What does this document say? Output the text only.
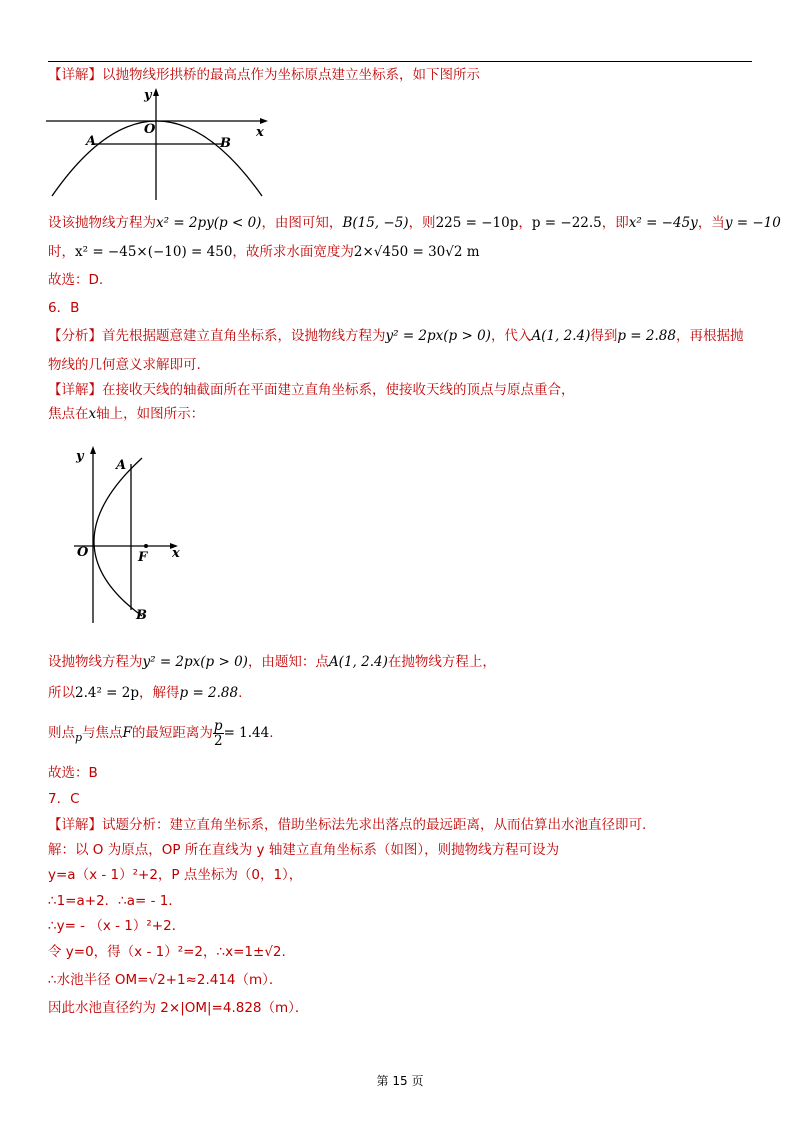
【详解】以抛物线形拱桥的最高点作为坐标原点建立坐标系，如下图所示
y
x
O
A	B
设该抛物线方程为x² = 2py(p < 0)，由图可知，B(15, −5)，则225 = −10p，p = −22.5，即x² = −45y，当y = −10
时，x² = −45×(−10) = 450，故所求水面宽度为2×√450 = 30√2 m
故选：D.
6．B
【分析】首先根据题意建立直角坐标系，设抛物线方程为y² = 2px(p > 0)，代入A(1, 2.4)得到p = 2.88，再根据抛
物线的几何意义求解即可.
【详解】在接收天线的轴截面所在平面建立直角坐标系，使接收天线的顶点与原点重合，
焦点在x轴上，如图所示：
y
A
O	F x
B
设抛物线方程为y² = 2px(p > 0)，由题知：点A(1, 2.4)在抛物线方程上，
所以2.4² = 2p，解得p = 2.88.
则点$_p$与焦点F的最短距离为 $\frac{p}{2} = 1.44$.
故选：B
7．C
【详解】试题分析：建立直角坐标系，借助坐标法先求出落点的最远距离，从而估算出水池直径即可.
解：以 O 为原点，OP 所在直线为 y 轴建立直角坐标系（如图），则抛物线方程可设为
y=a（x - 1）²+2，P 点坐标为（0，1），
∴1=a+2．∴a= - 1．
∴y= - （x - 1）²+2．
令 y=0，得（x - 1）²=2，∴x=1±√2.
∴水池半径 OM=√2+1≈2.414（m）．
因此水池直径约为 2×|OM|=4.828（m）．
第 15 页
